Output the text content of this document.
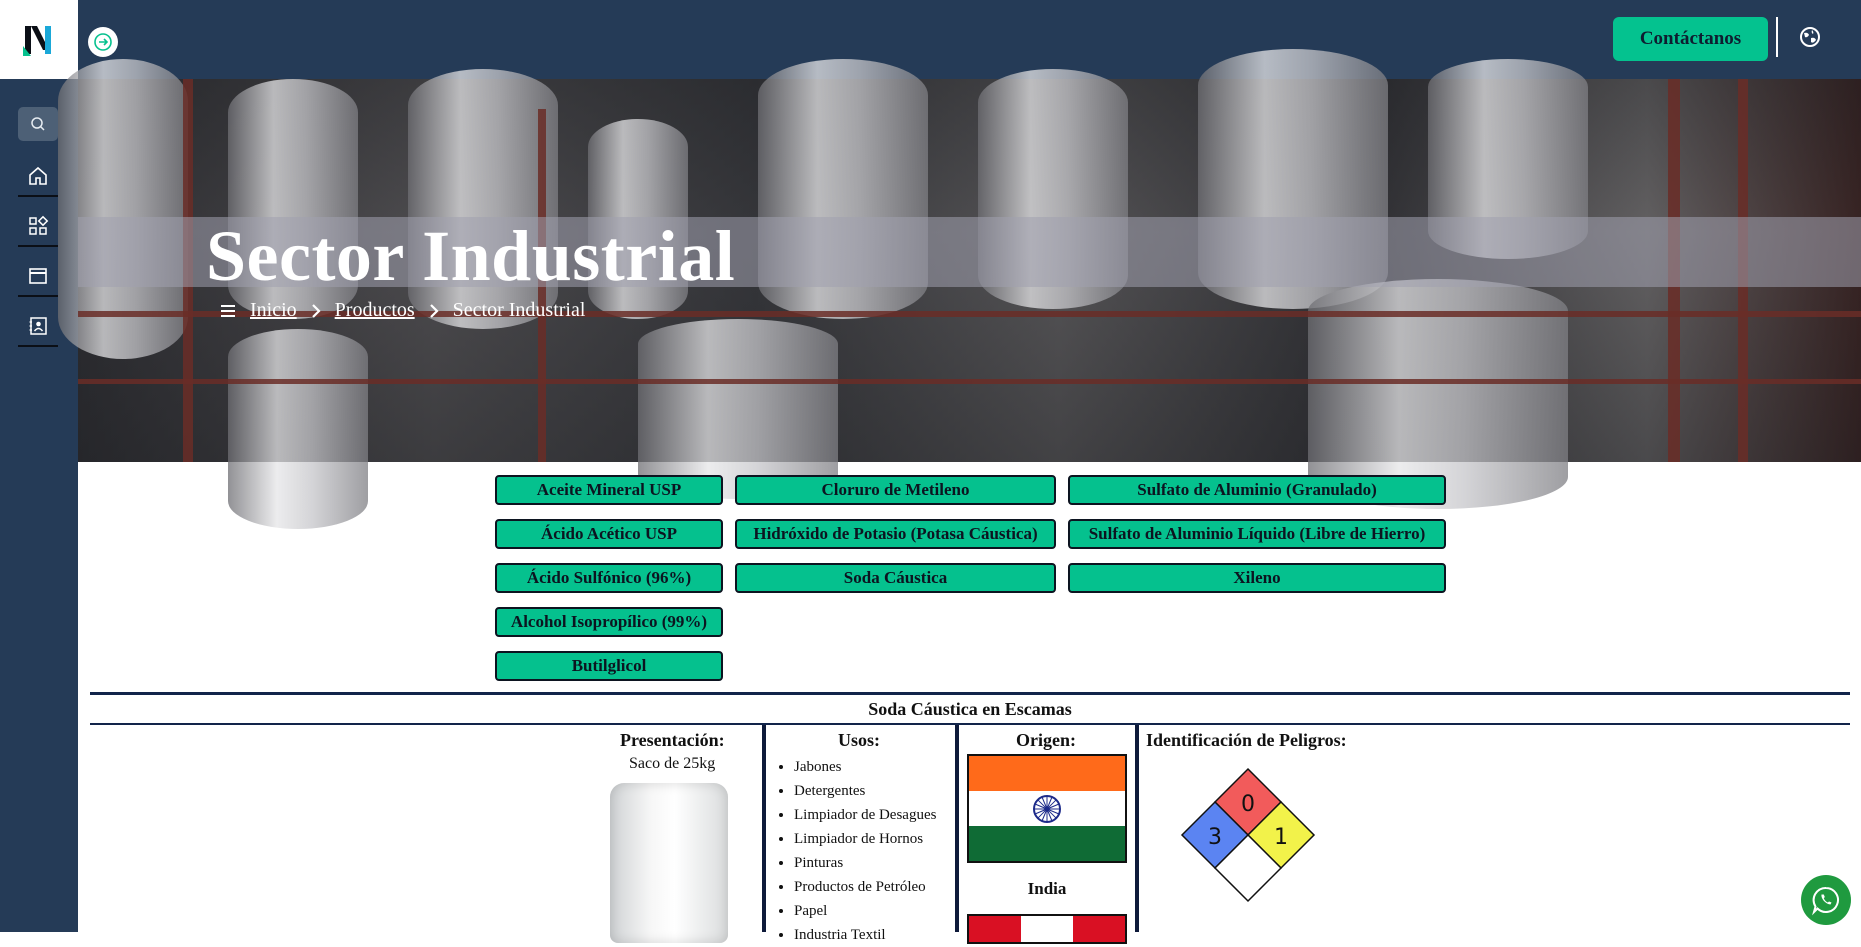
Contáctanos
Sector Industrial
Inicio Productos Sector Industrial
Aceite Mineral USP
Ácido Acético USP
Ácido Sulfónico (96%)
Alcohol Isopropílico (99%)
Butilglicol
Cloruro de Metileno
Hidróxido de Potasio (Potasa Cáustica)
Soda Cáustica
Sulfato de Aluminio (Granulado)
Sulfato de Aluminio Líquido (Libre de Hierro)
Xileno
Soda Cáustica en Escamas
Presentación:
Saco de 25kg
Usos:
• Jabones
• Detergentes
• Limpiador de Desagues
• Limpiador de Hornos
• Pinturas
• Productos de Petróleo
• Papel
• Industria Textil
Origen:
India
Identificación de Peligros:
0
3 1
